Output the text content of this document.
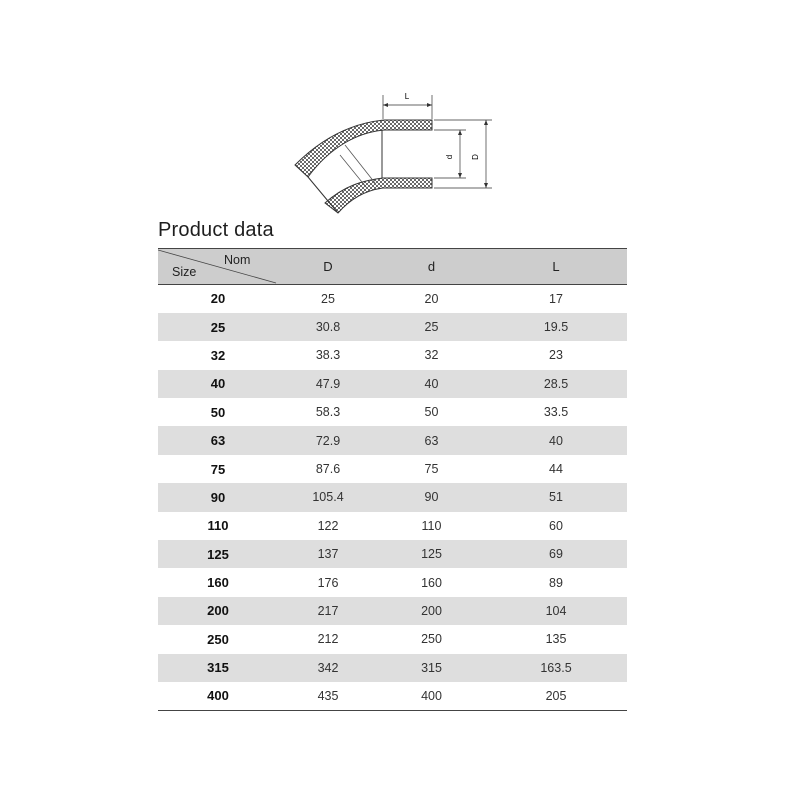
L
d D
Product data
Nom
Size	D	d	L
20	25	20	17
25	30.8	25	19.5
32	38.3	32	23
40	47.9	40	28.5
50	58.3	50	33.5
63	72.9	63	40
75	87.6	75	44
90	105.4	90	51
110	122	110	60
125	137	125	69
160	176	160	89
200	217	200	104
250	212	250	135
315	342	315	163.5
400	435	400	205
